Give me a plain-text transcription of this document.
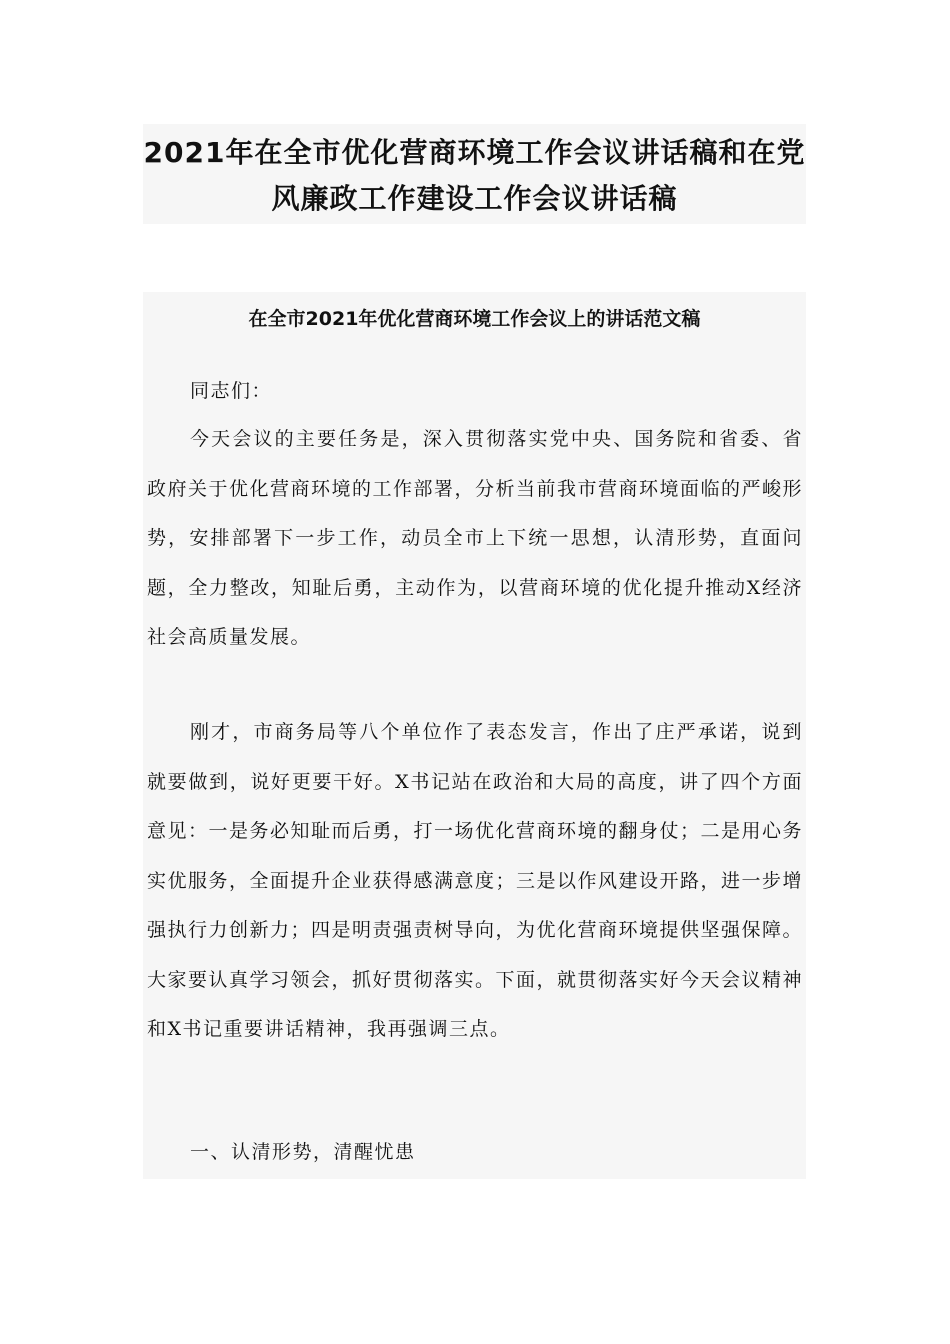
2021年在全市优化营商环境工作会议讲话稿和在党风廉政工作建设工作会议讲话稿
在全市2021年优化营商环境工作会议上的讲话范文稿

同志们：

今天会议的主要任务是，深入贯彻落实党中央、国务院和省委、省政府关于优化营商环境的工作部署，分析当前我市营商环境面临的严峻形势，安排部署下一步工作，动员全市上下统一思想，认清形势，直面问题，全力整改，知耻后勇，主动作为，以营商环境的优化提升推动X经济社会高质量发展。

刚才，市商务局等八个单位作了表态发言，作出了庄严承诺，说到就要做到，说好更要干好。X书记站在政治和大局的高度，讲了四个方面意见：一是务必知耻而后勇，打一场优化营商环境的翻身仗；二是用心务实优服务，全面提升企业获得感满意度；三是以作风建设开路，进一步增强执行力创新力；四是明责强责树导向，为优化营商环境提供坚强保障。大家要认真学习领会，抓好贯彻落实。下面，就贯彻落实好今天会议精神和X书记重要讲话精神，我再强调三点。

一、认清形势，清醒忧患
